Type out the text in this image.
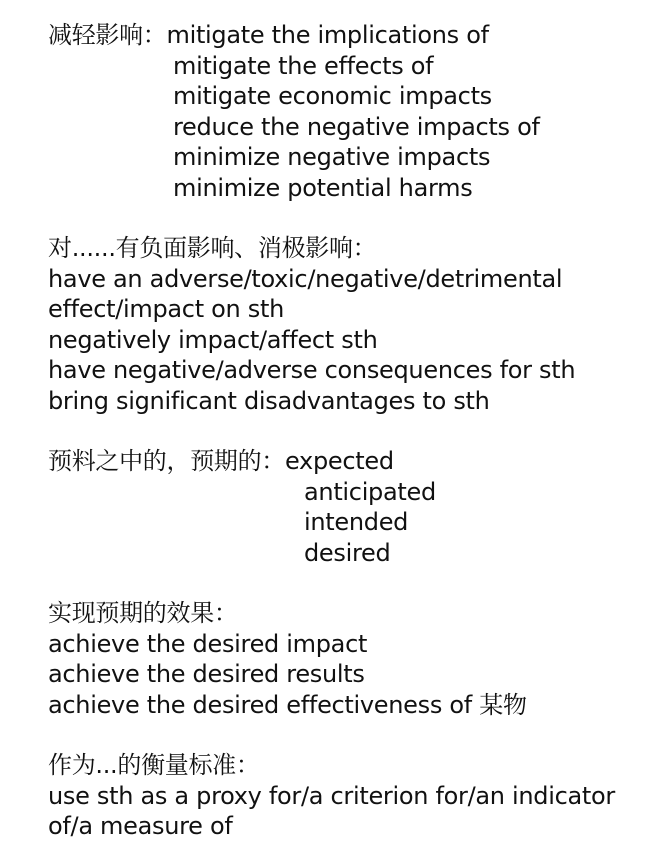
减轻影响：mitigate the implications of
mitigate the effects of
mitigate economic impacts
reduce the negative impacts of
minimize negative impacts
minimize potential harms
对......有负面影响、消极影响：
have an adverse/toxic/negative/detrimental
effect/impact on sth
negatively impact/affect sth
have negative/adverse consequences for sth
bring significant disadvantages to sth
预料之中的，预期的：expected
anticipated
intended
desired
实现预期的效果：
achieve the desired impact
achieve the desired results
achieve the desired effectiveness of 某物
作为...的衡量标准：
use sth as a proxy for/a criterion for/an indicator
of/a measure of
